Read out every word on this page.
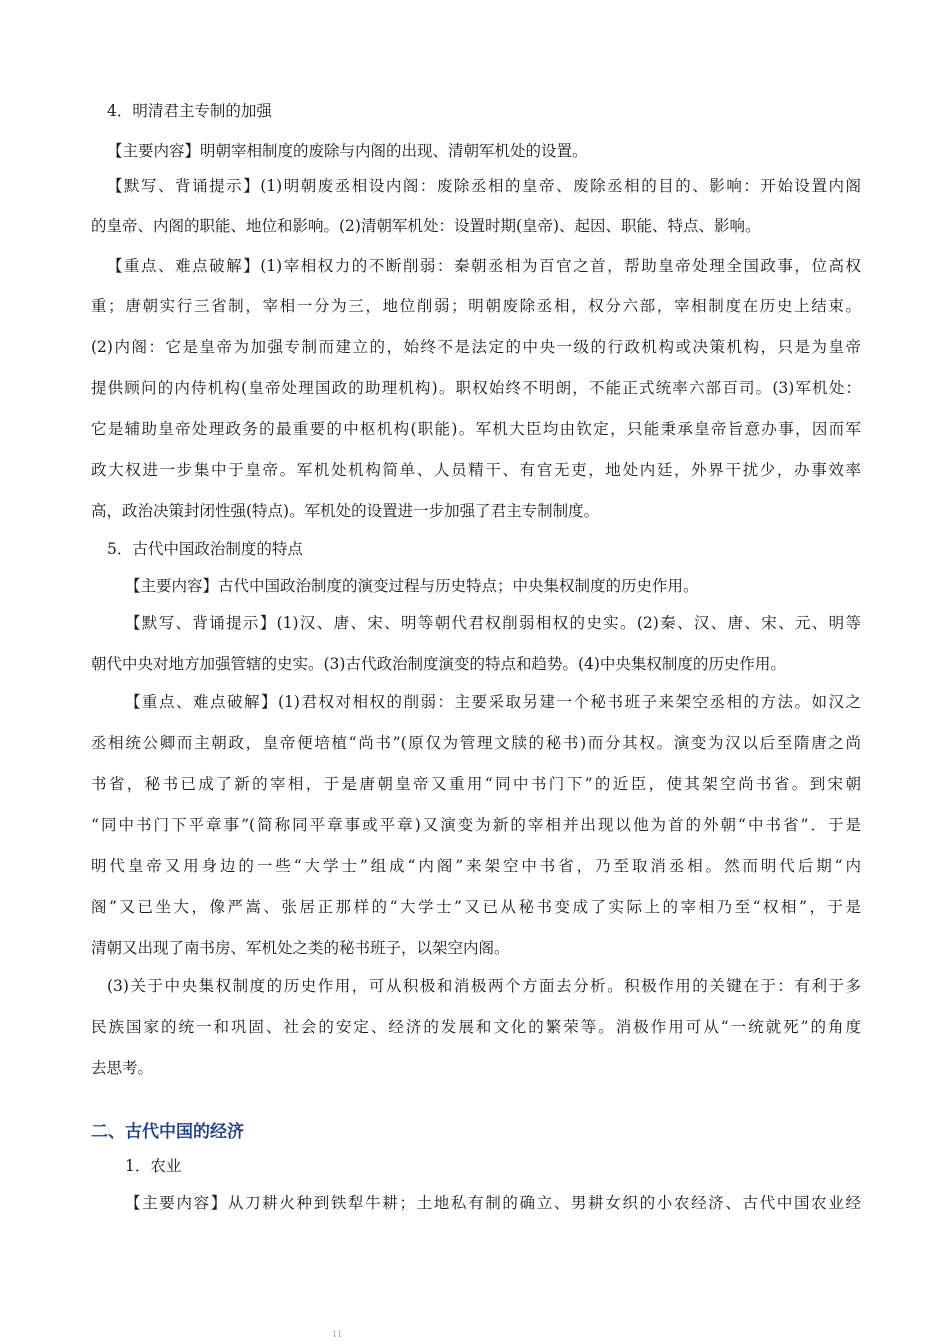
4．明清君主专制的加强
【主要内容】明朝宰相制度的废除与内阁的出现、清朝军机处的设置。
【默写、背诵提示】(1)明朝废丞相设内阁：废除丞相的皇帝、废除丞相的目的、影响：开始设置内阁
的皇帝、内阁的职能、地位和影响。(2)清朝军机处：设置时期(皇帝)、起因、职能、特点、影响。
【重点、难点破解】(1)宰相权力的不断削弱：秦朝丞相为百官之首，帮助皇帝处理全国政事，位高权
重；唐朝实行三省制，宰相一分为三，地位削弱；明朝废除丞相，权分六部，宰相制度在历史上结束。
(2)内阁：它是皇帝为加强专制而建立的，始终不是法定的中央一级的行政机构或决策机构，只是为皇帝
提供顾问的内侍机构(皇帝处理国政的助理机构)。职权始终不明朗，不能正式统率六部百司。(3)军机处：
它是辅助皇帝处理政务的最重要的中枢机构(职能)。军机大臣均由钦定，只能秉承皇帝旨意办事，因而军
政大权进一步集中于皇帝。军机处机构简单、人员精干、有官无吏，地处内廷，外界干扰少，办事效率
高，政治决策封闭性强(特点)。军机处的设置进一步加强了君主专制制度。
5．古代中国政治制度的特点
【主要内容】古代中国政治制度的演变过程与历史特点；中央集权制度的历史作用。
【默写、背诵提示】(1)汉、唐、宋、明等朝代君权削弱相权的史实。(2)秦、汉、唐、宋、元、明等
朝代中央对地方加强管辖的史实。(3)古代政治制度演变的特点和趋势。(4)中央集权制度的历史作用。
【重点、难点破解】(1)君权对相权的削弱：主要采取另建一个秘书班子来架空丞相的方法。如汉之
丞相统公卿而主朝政，皇帝便培植“尚书”(原仅为管理文牍的秘书)而分其权。演变为汉以后至隋唐之尚
书省，秘书已成了新的宰相，于是唐朝皇帝又重用“同中书门下”的近臣，使其架空尚书省。到宋朝
“同中书门下平章事”(简称同平章事或平章)又演变为新的宰相并出现以他为首的外朝“中书省”．于是
明代皇帝又用身边的一些“大学士”组成“内阁”来架空中书省，乃至取消丞相。然而明代后期“内
阁”又已坐大，像严嵩、张居正那样的“大学士”又已从秘书变成了实际上的宰相乃至“权相”，于是
清朝又出现了南书房、军机处之类的秘书班子，以架空内阁。
(3)关于中央集权制度的历史作用，可从积极和消极两个方面去分析。积极作用的关键在于：有利于多
民族国家的统一和巩固、社会的安定、经济的发展和文化的繁荣等。消极作用可从“一统就死”的角度
去思考。
二、古代中国的经济
1．农业
【主要内容】从刀耕火种到铁犁牛耕；土地私有制的确立、男耕女织的小农经济、古代中国农业经
11
